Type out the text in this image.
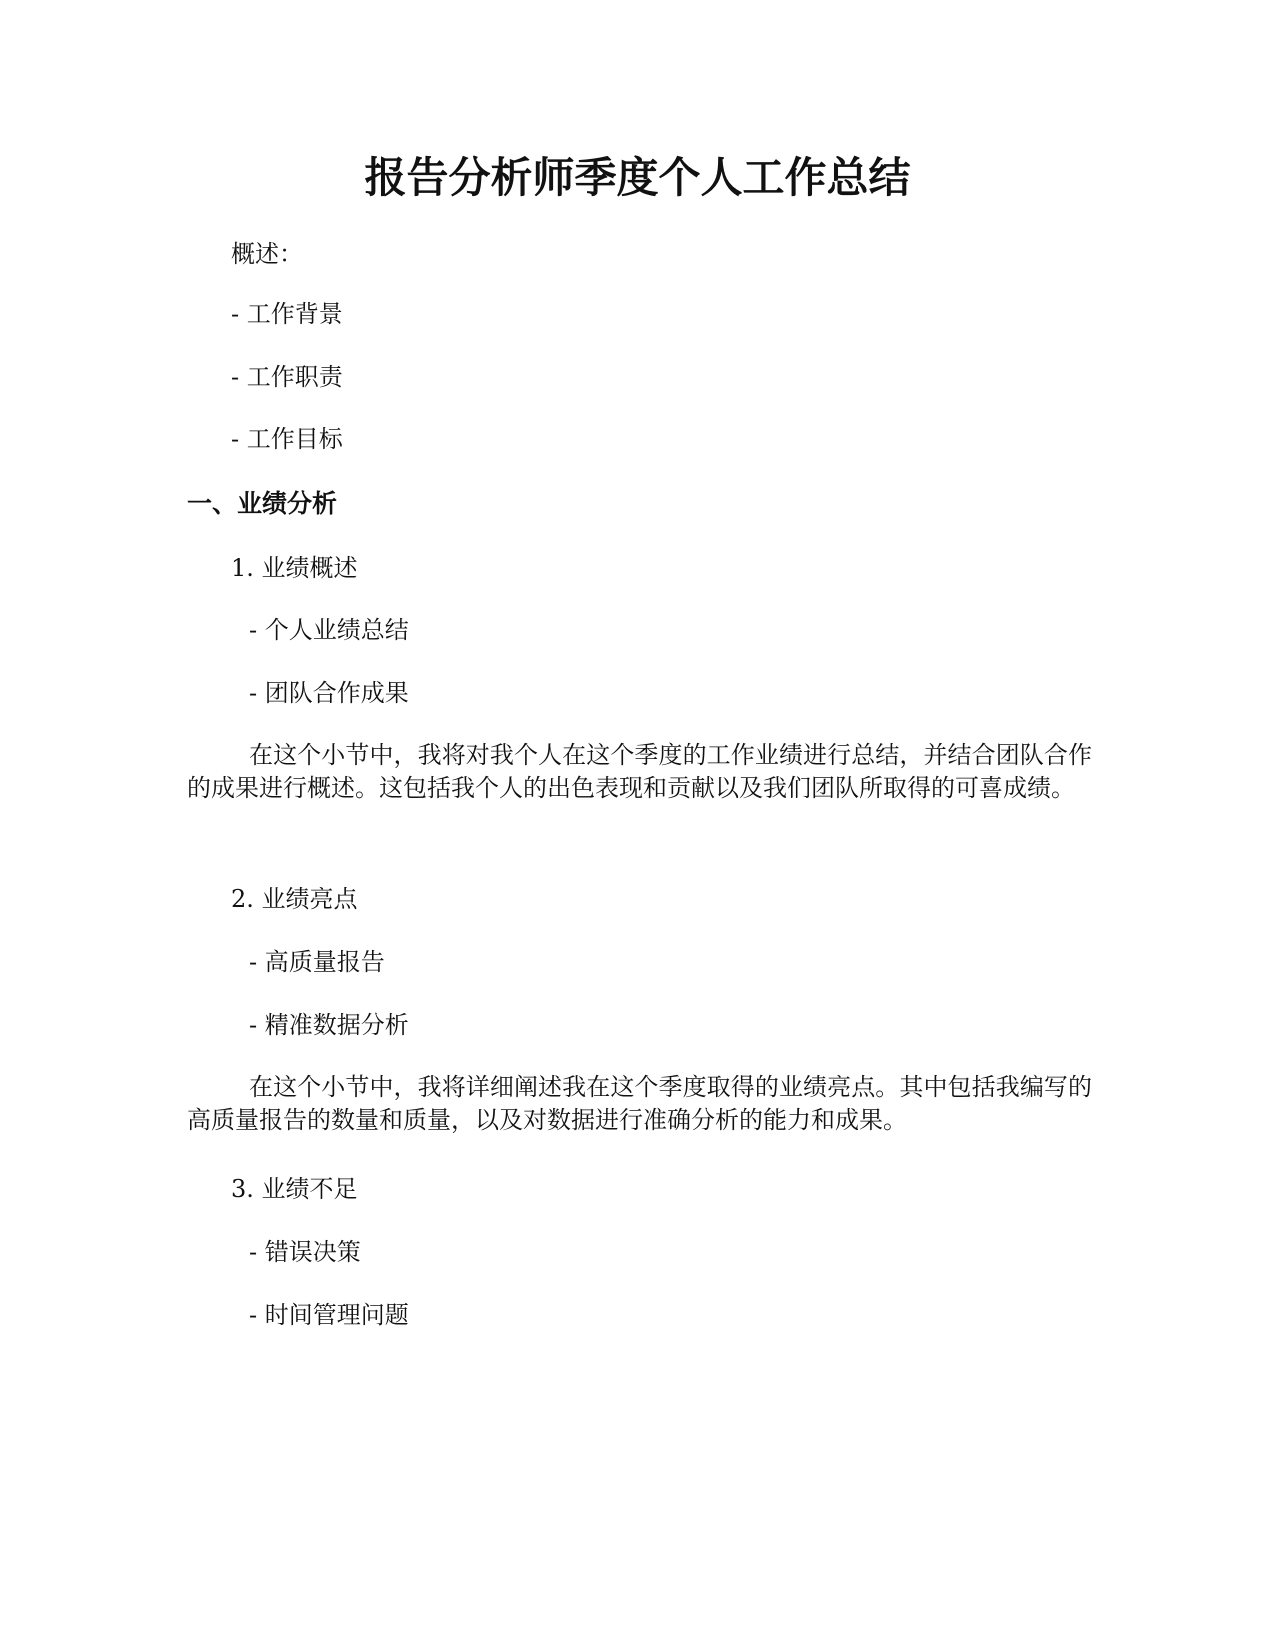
报告分析师季度个人工作总结

概述：

- 工作背景

- 工作职责

- 工作目标

一、业绩分析

1. 业绩概述

- 个人业绩总结

- 团队合作成果

在这个小节中，我将对我个人在这个季度的工作业绩进行总结，并结合团队合作的成果进行概述。这包括我个人的出色表现和贡献以及我们团队所取得的可喜成绩。

2. 业绩亮点

- 高质量报告

- 精准数据分析

在这个小节中，我将详细阐述我在这个季度取得的业绩亮点。其中包括我编写的高质量报告的数量和质量，以及对数据进行准确分析的能力和成果。

3. 业绩不足

- 错误决策

- 时间管理问题
